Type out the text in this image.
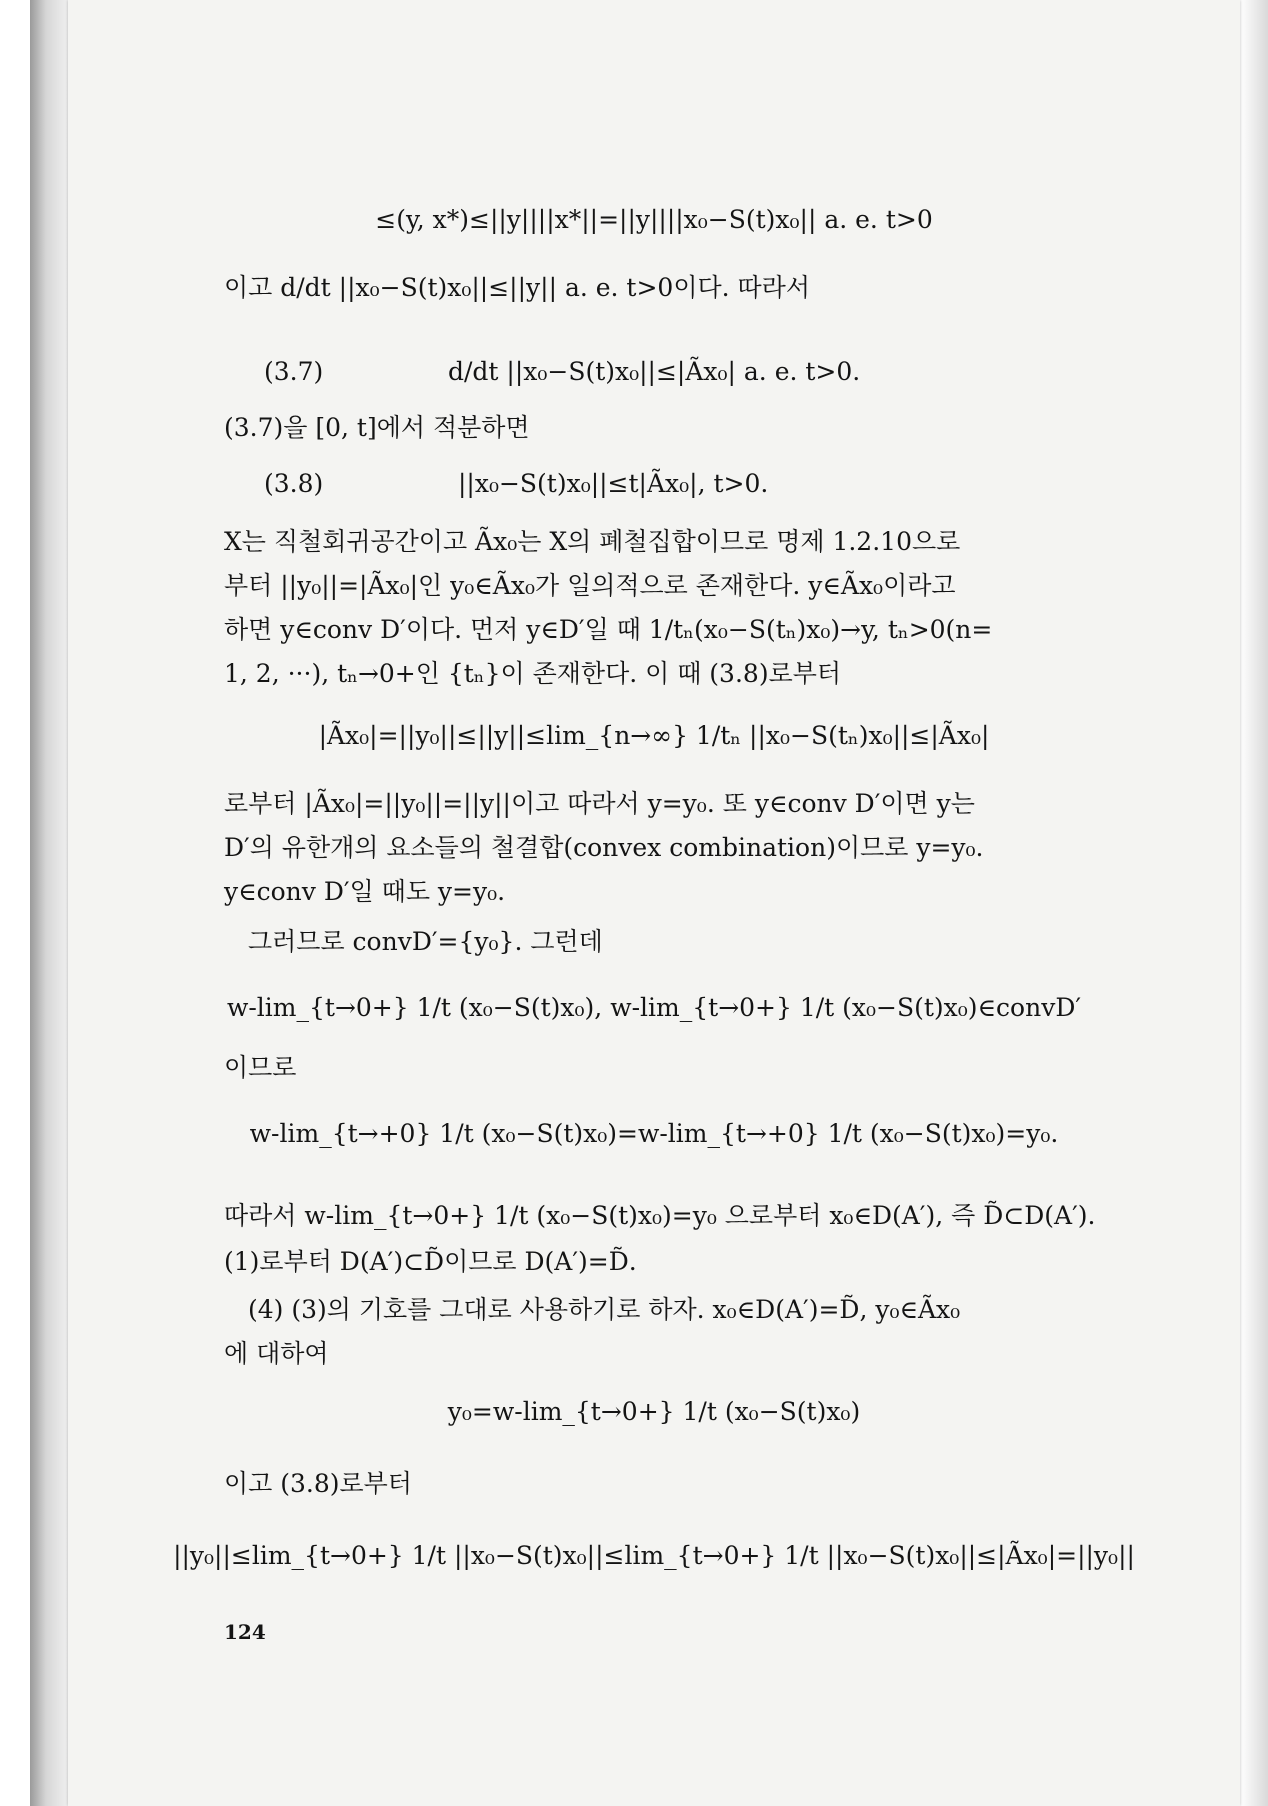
≤(y, x*)≤||y||||x*||=||y||||x₀−S(t)x₀|| a. e. t>0
이고 d/dt ||x₀−S(t)x₀||≤||y|| a. e. t>0이다. 따라서
(3.7)	d/dt ||x₀−S(t)x₀||≤|Ãx₀| a. e. t>0.
(3.7)을 [0, t]에서 적분하면
(3.8)	||x₀−S(t)x₀||≤t|Ãx₀|, t>0.
X는 직철회귀공간이고 Ãx₀는 X의 폐철집합이므로 명제 1.2.10으로
부터 ||y₀||=|Ãx₀|인 y₀∈Ãx₀가 일의적으로 존재한다. y∈Ãx₀이라고
하면 y∈conv D′이다. 먼저 y∈D′일 때 1/tₙ(x₀−S(tₙ)x₀)→y, tₙ>0(n=
1, 2, ···), tₙ→0+인 {tₙ}이 존재한다. 이 때 (3.8)로부터
|Ãx₀|=||y₀||≤||y||≤lim_{n→∞} 1/tₙ ||x₀−S(tₙ)x₀||≤|Ãx₀|
로부터 |Ãx₀|=||y₀||=||y||이고 따라서 y=y₀. 또 y∈conv D′이면 y는
D′의 유한개의 요소들의 철결합(convex combination)이므로 y=y₀.
y∈conv D′일 때도 y=y₀.
그러므로 convD′={y₀}. 그런데
w-lim_{t→0+} 1/t (x₀−S(t)x₀), w-lim_{t→0+} 1/t (x₀−S(t)x₀)∈convD′
이므로
w-lim_{t→+0} 1/t (x₀−S(t)x₀)=w-lim_{t→+0} 1/t (x₀−S(t)x₀)=y₀.
따라서 w-lim_{t→0+} 1/t (x₀−S(t)x₀)=y₀ 으로부터 x₀∈D(A′), 즉 D̃⊂D(A′).
(1)로부터 D(A′)⊂D̃이므로 D(A′)=D̃.
(4) (3)의 기호를 그대로 사용하기로 하자. x₀∈D(A′)=D̃, y₀∈Ãx₀
에 대하여
y₀=w-lim_{t→0+} 1/t (x₀−S(t)x₀)
이고 (3.8)로부터
||y₀||≤lim_{t→0+} 1/t ||x₀−S(t)x₀||≤lim_{t→0+} 1/t ||x₀−S(t)x₀||≤|Ãx₀|=||y₀||
124
